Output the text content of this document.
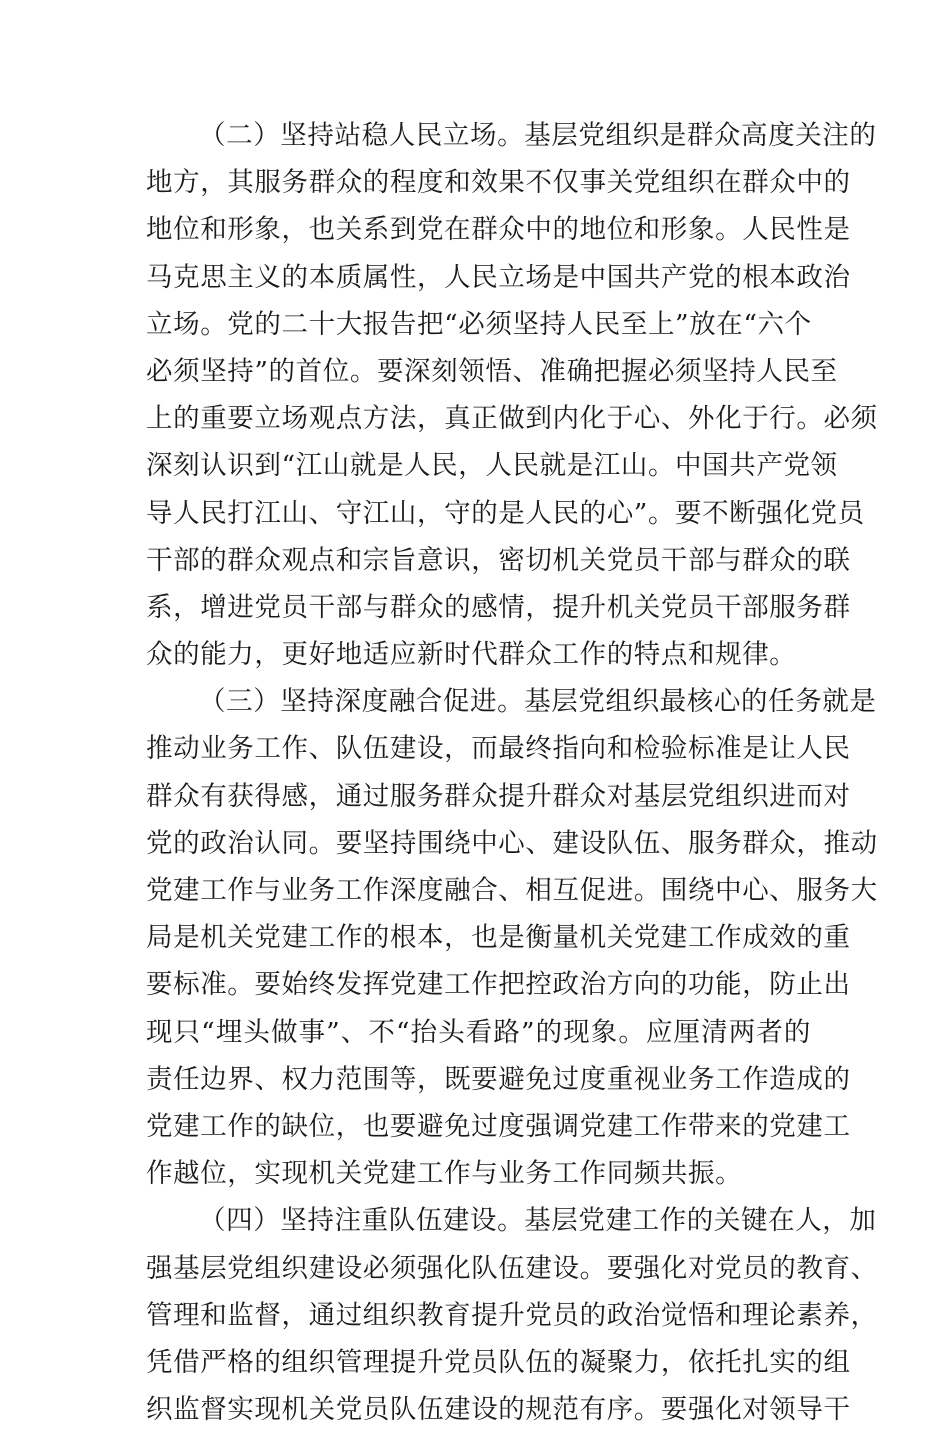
（二）坚持站稳人民立场。基层党组织是群众高度关注的
地方，其服务群众的程度和效果不仅事关党组织在群众中的
地位和形象，也关系到党在群众中的地位和形象。人民性是
马克思主义的本质属性，人民立场是中国共产党的根本政治
立场。党的二十大报告把“必须坚持人民至上”放在“六个
必须坚持”的首位。要深刻领悟、准确把握必须坚持人民至
上的重要立场观点方法，真正做到内化于心、外化于行。必须
深刻认识到“江山就是人民，人民就是江山。中国共产党领
导人民打江山、守江山，守的是人民的心”。要不断强化党员
干部的群众观点和宗旨意识，密切机关党员干部与群众的联
系，增进党员干部与群众的感情，提升机关党员干部服务群
众的能力，更好地适应新时代群众工作的特点和规律。
（三）坚持深度融合促进。基层党组织最核心的任务就是
推动业务工作、队伍建设，而最终指向和检验标准是让人民
群众有获得感，通过服务群众提升群众对基层党组织进而对
党的政治认同。要坚持围绕中心、建设队伍、服务群众，推动
党建工作与业务工作深度融合、相互促进。围绕中心、服务大
局是机关党建工作的根本，也是衡量机关党建工作成效的重
要标准。要始终发挥党建工作把控政治方向的功能，防止出
现只“埋头做事”、不“抬头看路”的现象。应厘清两者的
责任边界、权力范围等，既要避免过度重视业务工作造成的
党建工作的缺位，也要避免过度强调党建工作带来的党建工
作越位，实现机关党建工作与业务工作同频共振。
（四）坚持注重队伍建设。基层党建工作的关键在人，加
强基层党组织建设必须强化队伍建设。要强化对党员的教育、
管理和监督，通过组织教育提升党员的政治觉悟和理论素养，
凭借严格的组织管理提升党员队伍的凝聚力，依托扎实的组
织监督实现机关党员队伍建设的规范有序。要强化对领导干
